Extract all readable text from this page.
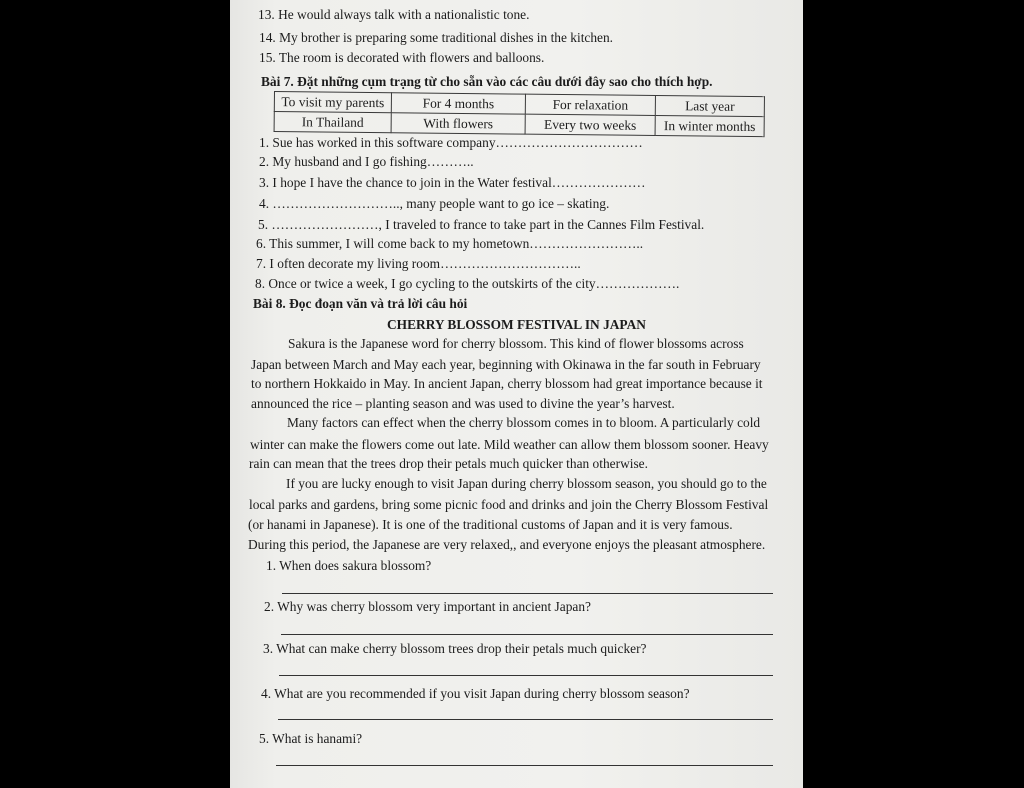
13. He would always talk with a nationalistic tone.
14. My brother is preparing some traditional dishes in the kitchen.
15. The room is decorated with flowers and balloons.
Bài 7. Đặt những cụm trạng từ cho sẵn vào các câu dưới đây sao cho thích hợp.
To visit my parents	For 4 months	For relaxation	Last year
In Thailand	With flowers	Every two weeks	In winter months
1. Sue has worked in this software company……………………………
2. My husband and I go fishing………..
3. I hope I have the chance to join in the Water festival…………………
4. ……………………….., many people want to go ice – skating.
5. ……………………, I traveled to france to take part in the Cannes Film Festival.
6. This summer, I will come back to my hometown……………………..
7. I often decorate my living room…………………………..
8. Once or twice a week, I go cycling to the outskirts of the city……………….
Bài 8. Đọc đoạn văn và trả lời câu hỏi
CHERRY BLOSSOM FESTIVAL IN JAPAN
Sakura is the Japanese word for cherry blossom. This kind of flower blossoms across
Japan between March and May each year, beginning with Okinawa in the far south in February
to northern Hokkaido in May. In ancient Japan, cherry blossom had great importance because it
announced the rice – planting season and was used to divine the year’s harvest.
Many factors can effect when the cherry blossom comes in to bloom. A particularly cold
winter can make the flowers come out late. Mild weather can allow them blossom sooner. Heavy
rain can mean that the trees drop their petals much quicker than otherwise.
If you are lucky enough to visit Japan during cherry blossom season, you should go to the
local parks and gardens, bring some picnic food and drinks and join the Cherry Blossom Festival
(or hanami in Japanese). It is one of the traditional customs of Japan and it is very famous.
During this period, the Japanese are very relaxed,, and everyone enjoys the pleasant atmosphere.
1. When does sakura blossom?
2. Why was cherry blossom very important in ancient Japan?
3. What can make cherry blossom trees drop their petals much quicker?
4. What are you recommended if you visit Japan during cherry blossom season?
5. What is hanami?
